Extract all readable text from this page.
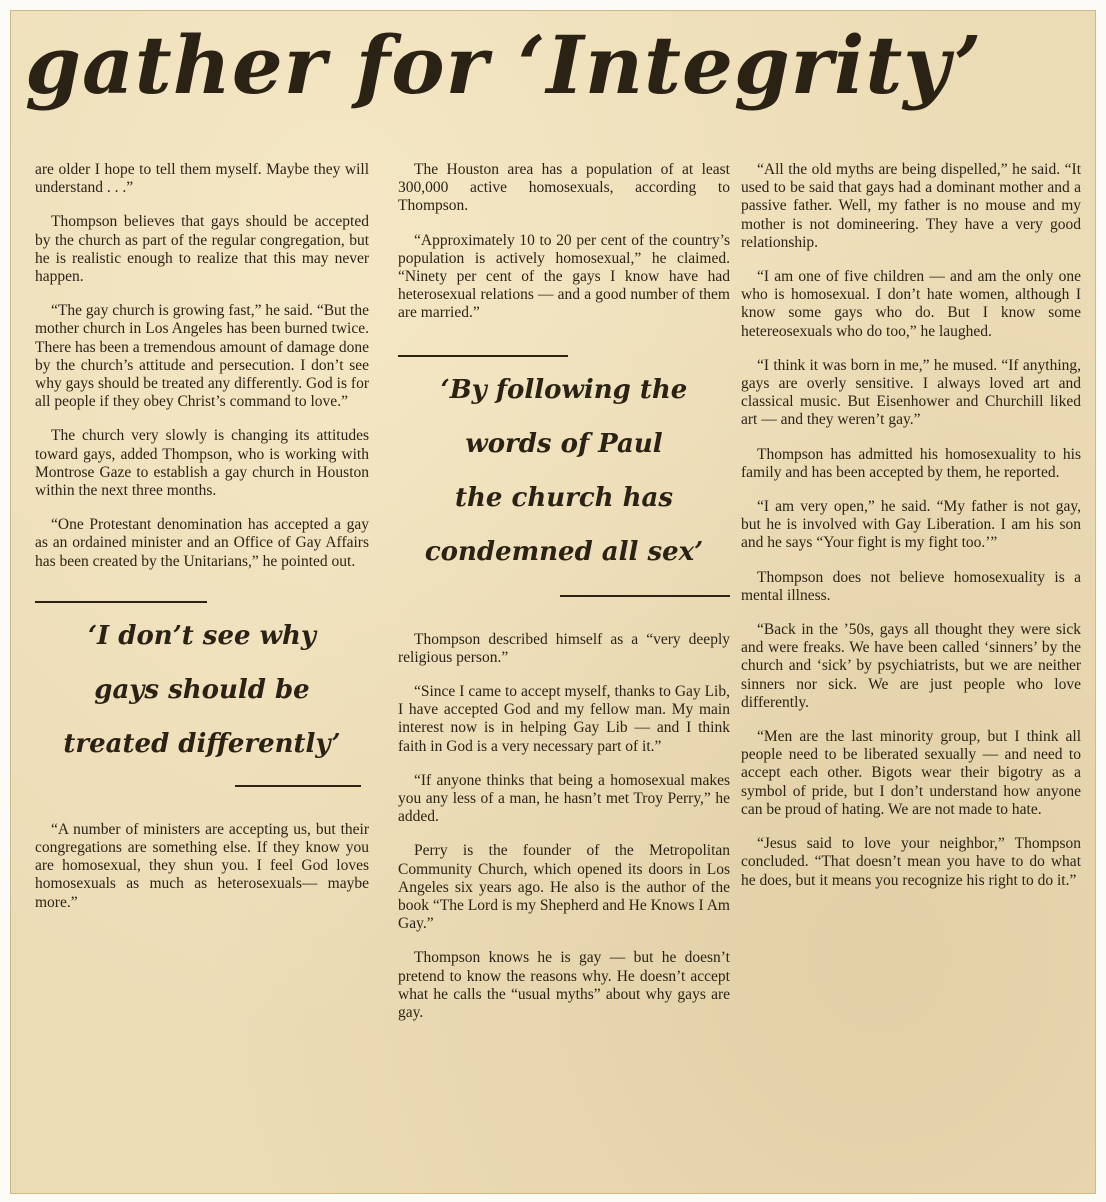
gather for ‘Integrity’

are older I hope to tell them myself. Maybe they will understand . . .”

Thompson believes that gays should be accepted by the church as part of the regular congregation, but he is realistic enough to realize that this may never happen.

“The gay church is growing fast,” he said. “But the mother church in Los Angeles has been burned twice. There has been a tremendous amount of damage done by the church’s attitude and persecution. I don’t see why gays should be treated any differently. God is for all people if they obey Christ’s command to love.”

The church very slowly is changing its attitudes toward gays, added Thompson, who is working with Montrose Gaze to establish a gay church in Houston within the next three months.

“One Protestant denomination has accepted a gay as an ordained minister and an Office of Gay Affairs has been created by the Unitarians,” he pointed out.

‘I don’t see why
gays should be
treated differently’

“A number of ministers are accepting us, but their congregations are something else. If they know you are homosexual, they shun you. I feel God loves homosexuals as much as heterosexuals— maybe more.”

The Houston area has a population of at least 300,000 active homosexuals, according to Thompson.

“Approximately 10 to 20 per cent of the country’s population is actively homosexual,” he claimed. “Ninety per cent of the gays I know have had heterosexual relations — and a good number of them are married.”

‘By following the
words of Paul
the church has
condemned all sex’

Thompson described himself as a “very deeply religious person.”

“Since I came to accept myself, thanks to Gay Lib, I have accepted God and my fellow man. My main interest now is in helping Gay Lib — and I think faith in God is a very necessary part of it.”

“If anyone thinks that being a homosexual makes you any less of a man, he hasn’t met Troy Perry,” he added.

Perry is the founder of the Metropolitan Community Church, which opened its doors in Los Angeles six years ago. He also is the author of the book “The Lord is my Shepherd and He Knows I Am Gay.”

Thompson knows he is gay — but he doesn’t pretend to know the reasons why. He doesn’t accept what he calls the “usual myths” about why gays are gay.

“All the old myths are being dispelled,” he said. “It used to be said that gays had a dominant mother and a passive father. Well, my father is no mouse and my mother is not domineering. They have a very good relationship.

“I am one of five children — and am the only one who is homosexual. I don’t hate women, although I know some gays who do. But I know some hetereosexuals who do too,” he laughed.

“I think it was born in me,” he mused. “If anything, gays are overly sensitive. I always loved art and classical music. But Eisenhower and Churchill liked art — and they weren’t gay.”

Thompson has admitted his homosexuality to his family and has been accepted by them, he reported.

“I am very open,” he said. “My father is not gay, but he is involved with Gay Liberation. I am his son and he says “Your fight is my fight too.’”

Thompson does not believe homosexuality is a mental illness.

“Back in the ’50s, gays all thought they were sick and were freaks. We have been called ‘sinners’ by the church and ‘sick’ by psychiatrists, but we are neither sinners nor sick. We are just people who love differently.

“Men are the last minority group, but I think all people need to be liberated sexually — and need to accept each other. Bigots wear their bigotry as a symbol of pride, but I don’t understand how anyone can be proud of hating. We are not made to hate.

“Jesus said to love your neighbor,” Thompson concluded. “That doesn’t mean you have to do what he does, but it means you recognize his right to do it.”
